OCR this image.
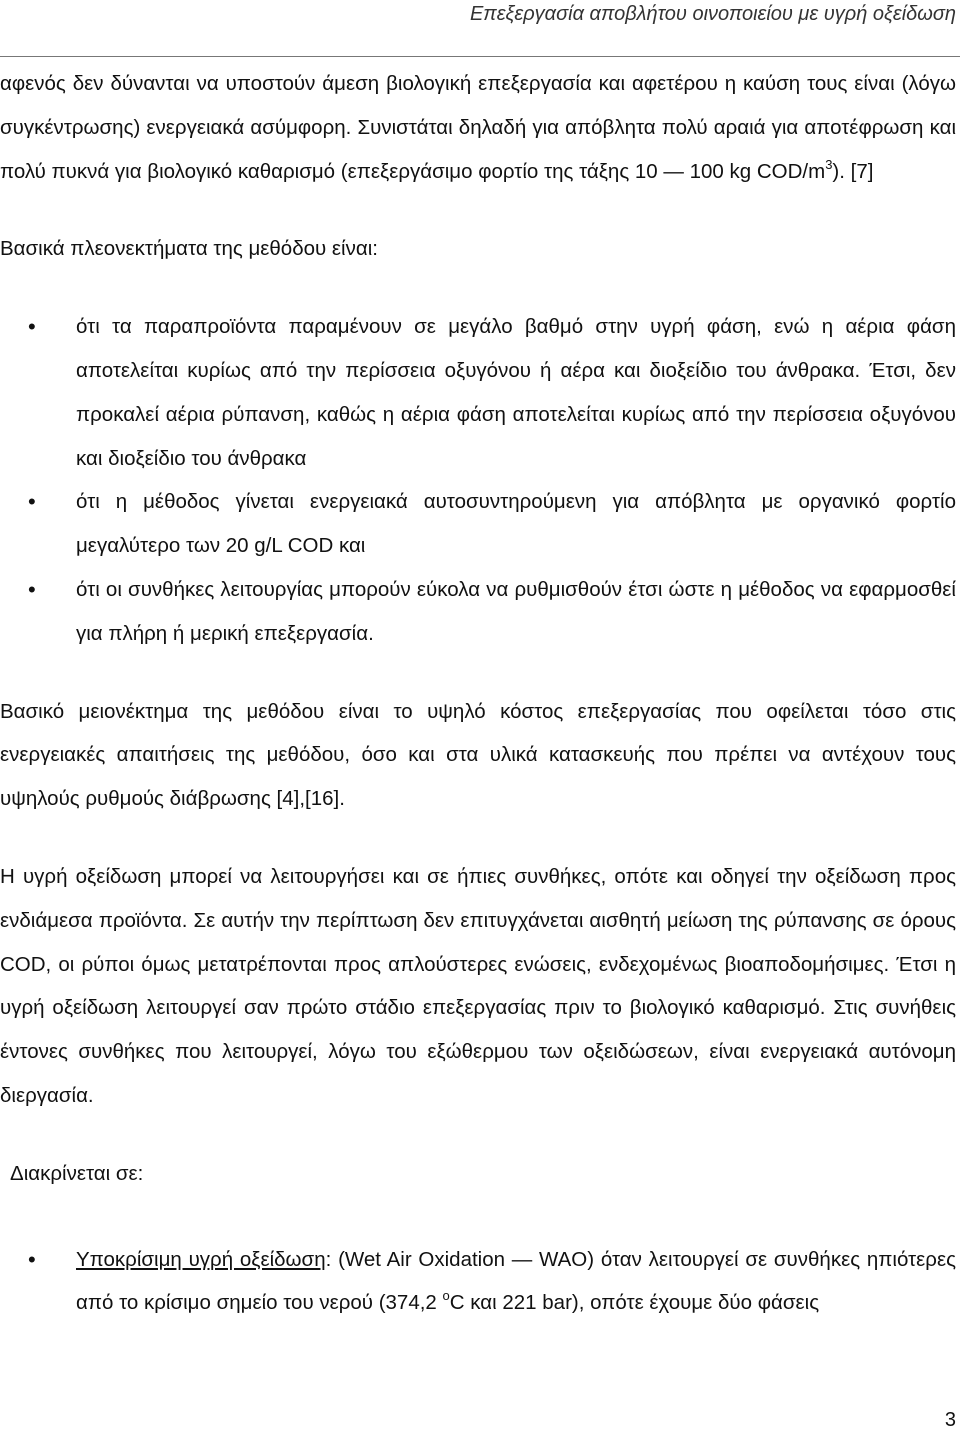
Επεξεργασία αποβλήτου οινοποιείου με υγρή οξείδωση

αφενός δεν δύνανται να υποστούν άμεση βιολογική επεξεργασία και αφετέρου η καύση τους είναι (λόγω συγκέντρωσης) ενεργειακά ασύμφορη. Συνιστάται δηλαδή για απόβλητα πολύ αραιά για αποτέφρωση και πολύ πυκνά για βιολογικό καθαρισμό (επεξεργάσιμο φορτίο της τάξης 10 — 100 kg COD/$m^3$). [7]

Βασικά πλεονεκτήματα της μεθόδου είναι:

• ότι τα παραπροϊόντα παραμένουν σε μεγάλο βαθμό στην υγρή φάση, ενώ η αέρια φάση αποτελείται κυρίως από την περίσσεια οξυγόνου ή αέρα και διοξείδιο του άνθρακα. Έτσι, δεν προκαλεί αέρια ρύπανση, καθώς η αέρια φάση αποτελείται κυρίως από την περίσσεια οξυγόνου και διοξείδιο του άνθρακα
• ότι η μέθοδος γίνεται ενεργειακά αυτοσυντηρούμενη για απόβλητα με οργανικό φορτίο μεγαλύτερο των 20 g/L COD και
• ότι οι συνθήκες λειτουργίας μπορούν εύκολα να ρυθμισθούν έτσι ώστε η μέθοδος να εφαρμοσθεί για πλήρη ή μερική επεξεργασία.

Βασικό μειονέκτημα της μεθόδου είναι το υψηλό κόστος επεξεργασίας που οφείλεται τόσο στις ενεργειακές απαιτήσεις της μεθόδου, όσο και στα υλικά κατασκευής που πρέπει να αντέχουν τους υψηλούς ρυθμούς διάβρωσης [4],[16].

Η υγρή οξείδωση μπορεί να λειτουργήσει και σε ήπιες συνθήκες, οπότε και οδηγεί την οξείδωση προς ενδιάμεσα προϊόντα. Σε αυτήν την περίπτωση δεν επιτυγχάνεται αισθητή μείωση της ρύπανσης σε όρους COD, οι ρύποι όμως μετατρέπονται προς απλούστερες ενώσεις, ενδεχομένως βιοαποδομήσιμες. Έτσι η υγρή οξείδωση λειτουργεί σαν πρώτο στάδιο επεξεργασίας πριν το βιολογικό καθαρισμό. Στις συνήθεις έντονες συνθήκες που λειτουργεί, λόγω του εξώθερμου των οξειδώσεων, είναι ενεργειακά αυτόνομη διεργασία.

Διακρίνεται σε:

• Υποκρίσιμη υγρή οξείδωση: (Wet Air Oxidation — WAO) όταν λειτουργεί σε συνθήκες ηπιότερες από το κρίσιμο σημείο του νερού (374,2 $^o$C και 221 bar), οπότε έχουμε δύο φάσεις
3
